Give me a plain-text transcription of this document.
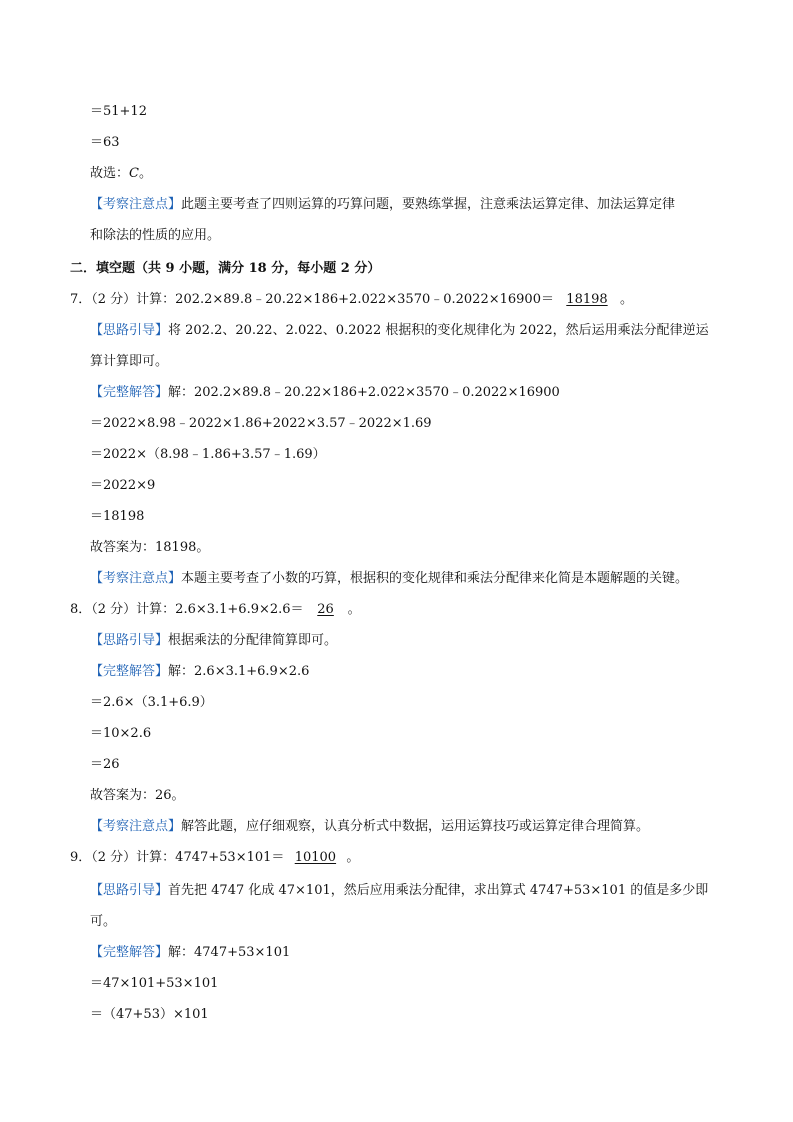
＝51+12
＝63
故选：C。
【考察注意点】此题主要考查了四则运算的巧算问题，要熟练掌握，注意乘法运算定律、加法运算定律
和除法的性质的应用。
二．填空题（共 9 小题，满分 18 分，每小题 2 分）
7．（2 分）计算：202.2×89.8﹣20.22×186+2.022×3570﹣0.2022×16900＝18198。
【思路引导】将 202.2、20.22、2.022、0.2022 根据积的变化规律化为 2022，然后运用乘法分配律逆运
算计算即可。
【完整解答】解：202.2×89.8﹣20.22×186+2.022×3570﹣0.2022×16900
＝2022×8.98﹣2022×1.86+2022×3.57﹣2022×1.69
＝2022×（8.98﹣1.86+3.57﹣1.69）
＝2022×9
＝18198
故答案为：18198。
【考察注意点】本题主要考查了小数的巧算，根据积的变化规律和乘法分配律来化简是本题解题的关键。
8．（2 分）计算：2.6×3.1+6.9×2.6＝26。
【思路引导】根据乘法的分配律简算即可。
【完整解答】解：2.6×3.1+6.9×2.6
＝2.6×（3.1+6.9）
＝10×2.6
＝26
故答案为：26。
【考察注意点】解答此题，应仔细观察，认真分析式中数据，运用运算技巧或运算定律合理简算。
9．（2 分）计算：4747+53×101＝10100。
【思路引导】首先把 4747 化成 47×101，然后应用乘法分配律，求出算式 4747+53×101 的值是多少即
可。
【完整解答】解：4747+53×101
＝47×101+53×101
＝（47+53）×101
